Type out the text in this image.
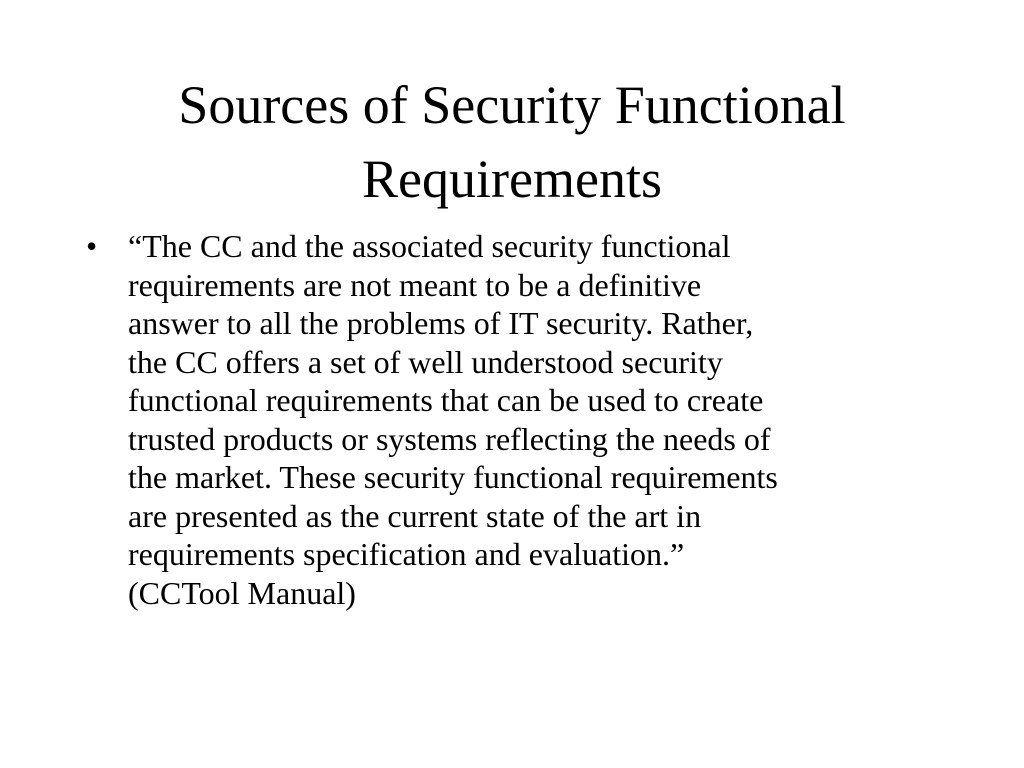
Sources of Security Functional
Requirements
• “The CC and the associated security functional
requirements are not meant to be a definitive
answer to all the problems of IT security. Rather,
the CC offers a set of well understood security
functional requirements that can be used to create
trusted products or systems reflecting the needs of
the market. These security functional requirements
are presented as the current state of the art in
requirements specification and evaluation.”
(CCTool Manual)
